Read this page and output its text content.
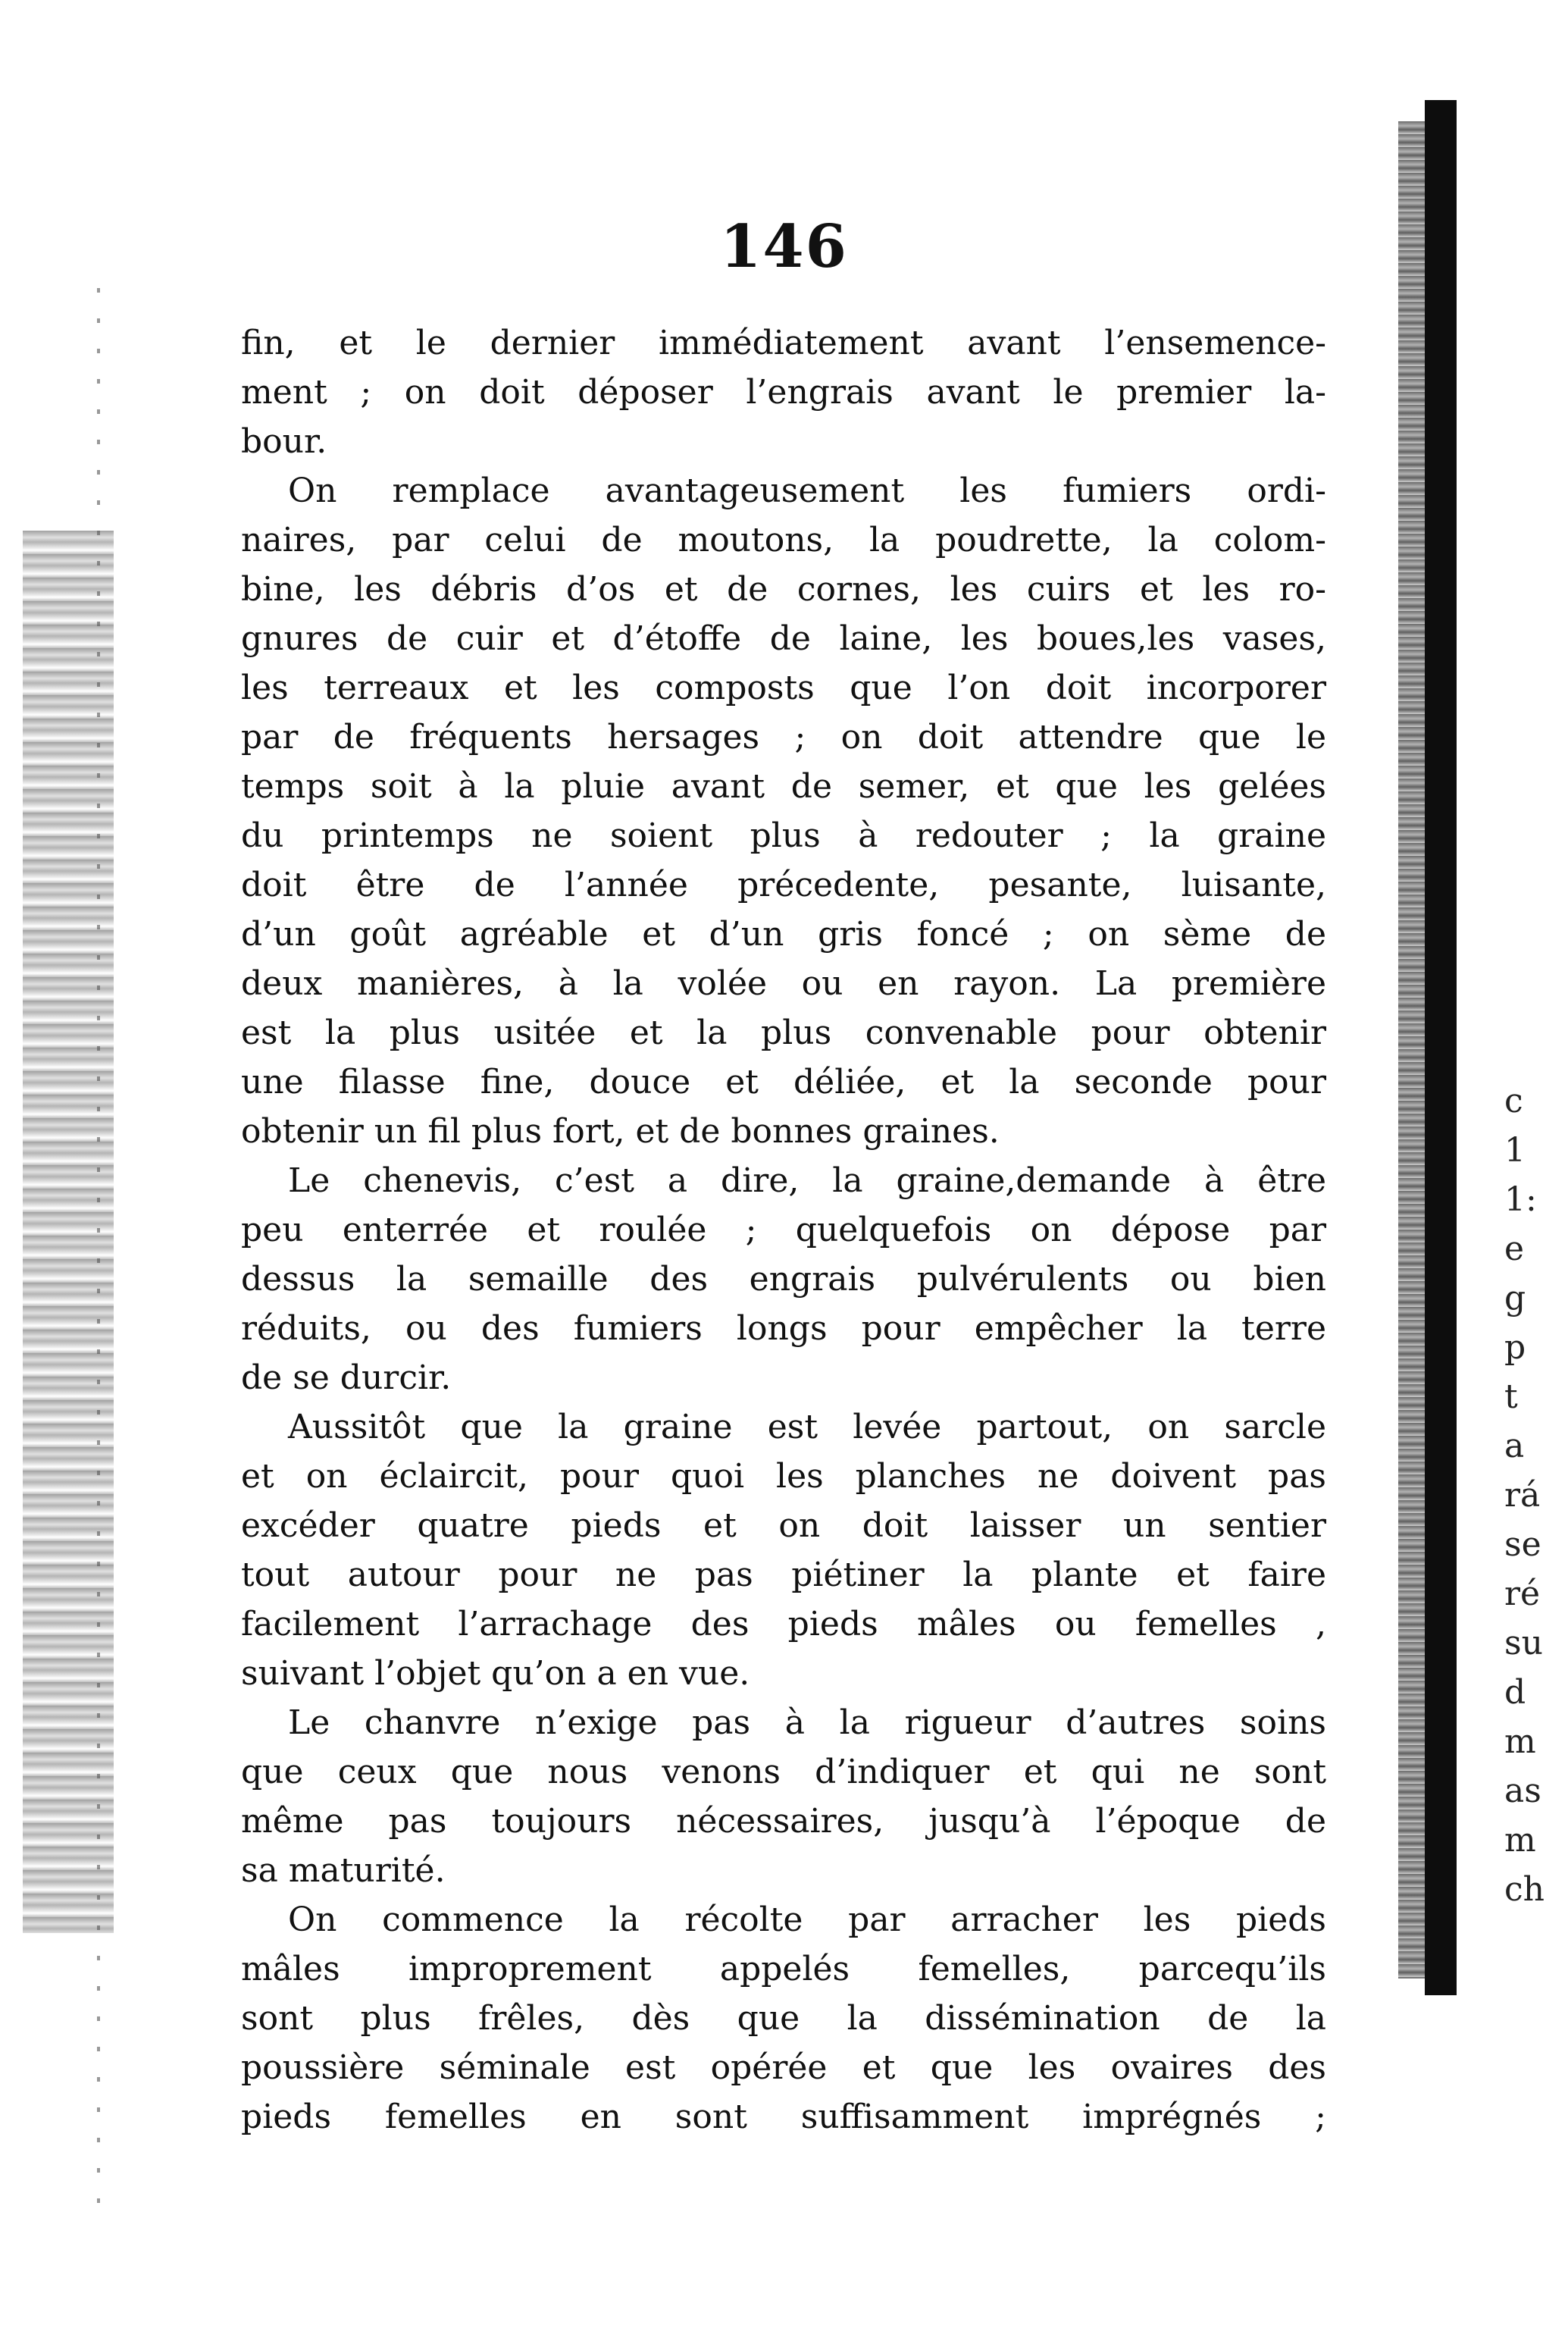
146
fin, et le dernier immédiatement avant l’ensemence-
ment ; on doit déposer l’engrais avant le premier la-
bour.
On remplace avantageusement les fumiers ordi-
naires, par celui de moutons, la poudrette, la colom-
bine, les débris d’os et de cornes, les cuirs et les ro-
gnures de cuir et d’étoffe de laine, les boues,les vases,
les terreaux et les composts que l’on doit incorporer
par de fréquents hersages ; on doit attendre que le
temps soit à la pluie avant de semer, et que les gelées
du printemps ne soient plus à redouter ; la graine
doit être de l’année précedente, pesante, luisante,
d’un goût agréable et d’un gris foncé ; on sème de
deux manières, à la volée ou en rayon. La première
est la plus usitée et la plus convenable pour obtenir
une filasse fine, douce et déliée, et la seconde pour
obtenir un fil plus fort, et de bonnes graines.
Le chenevis, c’est a dire, la graine,demande à être
peu enterrée et roulée ; quelquefois on dépose par
dessus la semaille des engrais pulvérulents ou bien
réduits, ou des fumiers longs pour empêcher la terre
de se durcir.
Aussitôt que la graine est levée partout, on sarcle
et on éclaircit, pour quoi les planches ne doivent pas
excéder quatre pieds et on doit laisser un sentier
tout autour pour ne pas piétiner la plante et faire
facilement l’arrachage des pieds mâles ou femelles ,
suivant l’objet qu’on a en vue.
Le chanvre n’exige pas à la rigueur d’autres soins
que ceux que nous venons d’indiquer et qui ne sont
même pas toujours nécessaires, jusqu’à l’époque de
sa maturité.
On commence la récolte par arracher les pieds
mâles improprement appelés femelles, parcequ’ils
sont plus frêles, dès que la dissémination de la
poussière séminale est opérée et que les ovaires des
pieds femelles en sont suffisamment imprégnés ;
c
1
1:
e
g
p
t
a
rá
se
ré
su
d
m
as
m
ch
